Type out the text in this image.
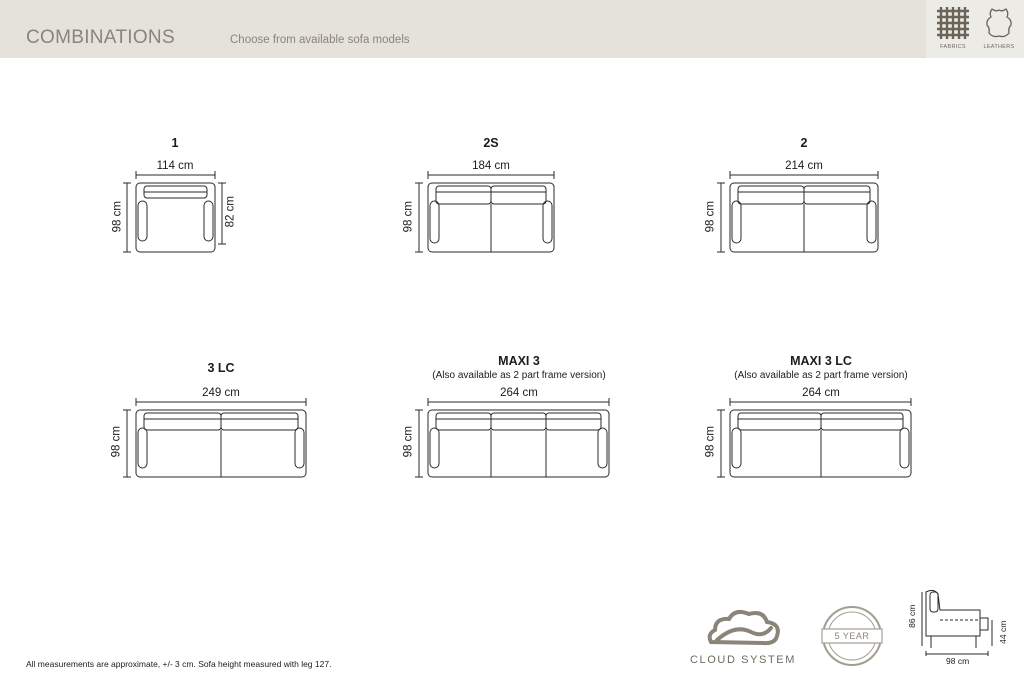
COMBINATIONS	Choose from available sofa models
FABRICS	LEATHERS
1
114 cm
98 cm	82 cm
2S
184 cm
98 cm
2
214 cm
98 cm
3 LC
249 cm
98 cm
MAXI 3
(Also available as 2 part frame version)
264 cm
98 cm
MAXI 3 LC
(Also available as 2 part frame version)
264 cm
98 cm
All measurements are approximate, +/- 3 cm. Sofa height measured with leg 127.	CLOUD SYSTEM
5 YEAR
86 cm
44 cm
98 cm
